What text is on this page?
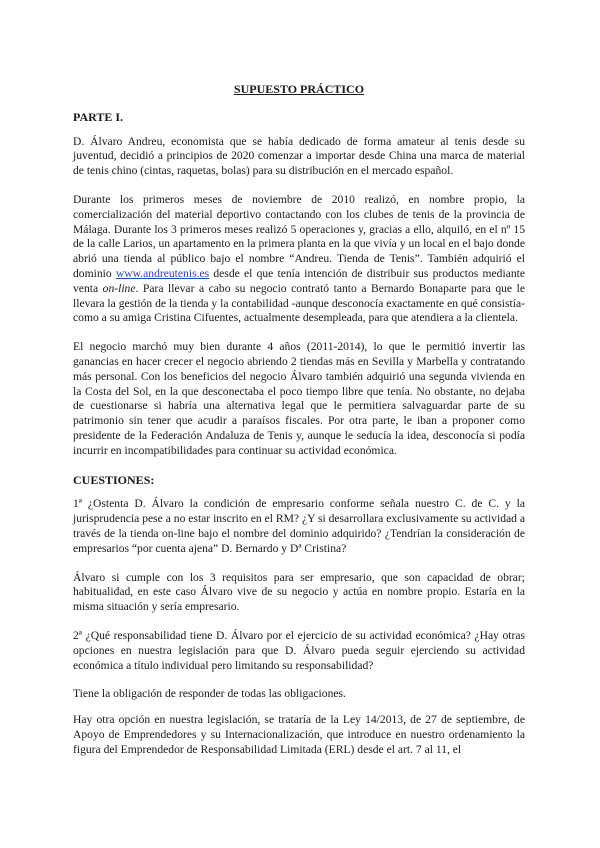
SUPUESTO PRÁCTICO

PARTE I.

D. Álvaro Andreu, economista que se había dedicado de forma amateur al tenis desde su juventud, decidió a principios de 2020 comenzar a importar desde China una marca de material de tenis chino (cintas, raquetas, bolas) para su distribución en el mercado español.

Durante los primeros meses de noviembre de 2010 realizó, en nombre propio, la comercialización del material deportivo contactando con los clubes de tenis de la provincia de Málaga. Durante los 3 primeros meses realizó 5 operaciones y, gracias a ello, alquiló, en el nº 15 de la calle Larios, un apartamento en la primera planta en la que vivía y un local en el bajo donde abrió una tienda al público bajo el nombre “Andreu. Tienda de Tenis”. También adquirió el dominio www.andreutenis.es desde el que tenía intención de distribuir sus productos mediante venta on-line. Para llevar a cabo su negocio contrató tanto a Bernardo Bonaparte para que le llevara la gestión de la tienda y la contabilidad -aunque desconocía exactamente en qué consistía- como a su amiga Cristina Cifuentes, actualmente desempleada, para que atendiera a la clientela.

El negocio marchó muy bien durante 4 años (2011-2014), lo que le permitió invertir las ganancias en hacer crecer el negocio abriendo 2 tiendas más en Sevilla y Marbella y contratando más personal. Con los beneficios del negocio Álvaro también adquirió una segunda vivienda en la Costa del Sol, en la que desconectaba el poco tiempo libre que tenía. No obstante, no dejaba de cuestionarse si habría una alternativa legal que le permitiera salvaguardar parte de su patrimonio sin tener que acudir a paraísos fiscales. Por otra parte, le iban a proponer como presidente de la Federación Andaluza de Tenis y, aunque le seducía la idea, desconocía si podía incurrir en incompatibilidades para continuar su actividad económica.

CUESTIONES:

1ª ¿Ostenta D. Álvaro la condición de empresario conforme señala nuestro C. de C. y la jurisprudencia pese a no estar inscrito en el RM? ¿Y si desarrollara exclusivamente su actividad a través de la tienda on-line bajo el nombre del dominio adquirido? ¿Tendrían la consideración de empresarios “por cuenta ajena” D. Bernardo y Dª Cristina?

Álvaro si cumple con los 3 requisitos para ser empresario, que son capacidad de obrar; habitualidad, en este caso Álvaro vive de su negocio y actúa en nombre propio. Estaría en la misma situación y sería empresario.

2ª ¿Qué responsabilidad tiene D. Álvaro por el ejercicio de su actividad económica? ¿Hay otras opciones en nuestra legislación para que D. Álvaro pueda seguir ejerciendo su actividad económica a título individual pero limitando su responsabilidad?

Tiene la obligación de responder de todas las obligaciones.

Hay otra opción en nuestra legislación, se trataría de la Ley 14/2013, de 27 de septiembre, de Apoyo de Emprendedores y su Internacionalización, que introduce en nuestro ordenamiento la figura del Emprendedor de Responsabilidad Limitada (ERL) desde el art. 7 al 11, el
